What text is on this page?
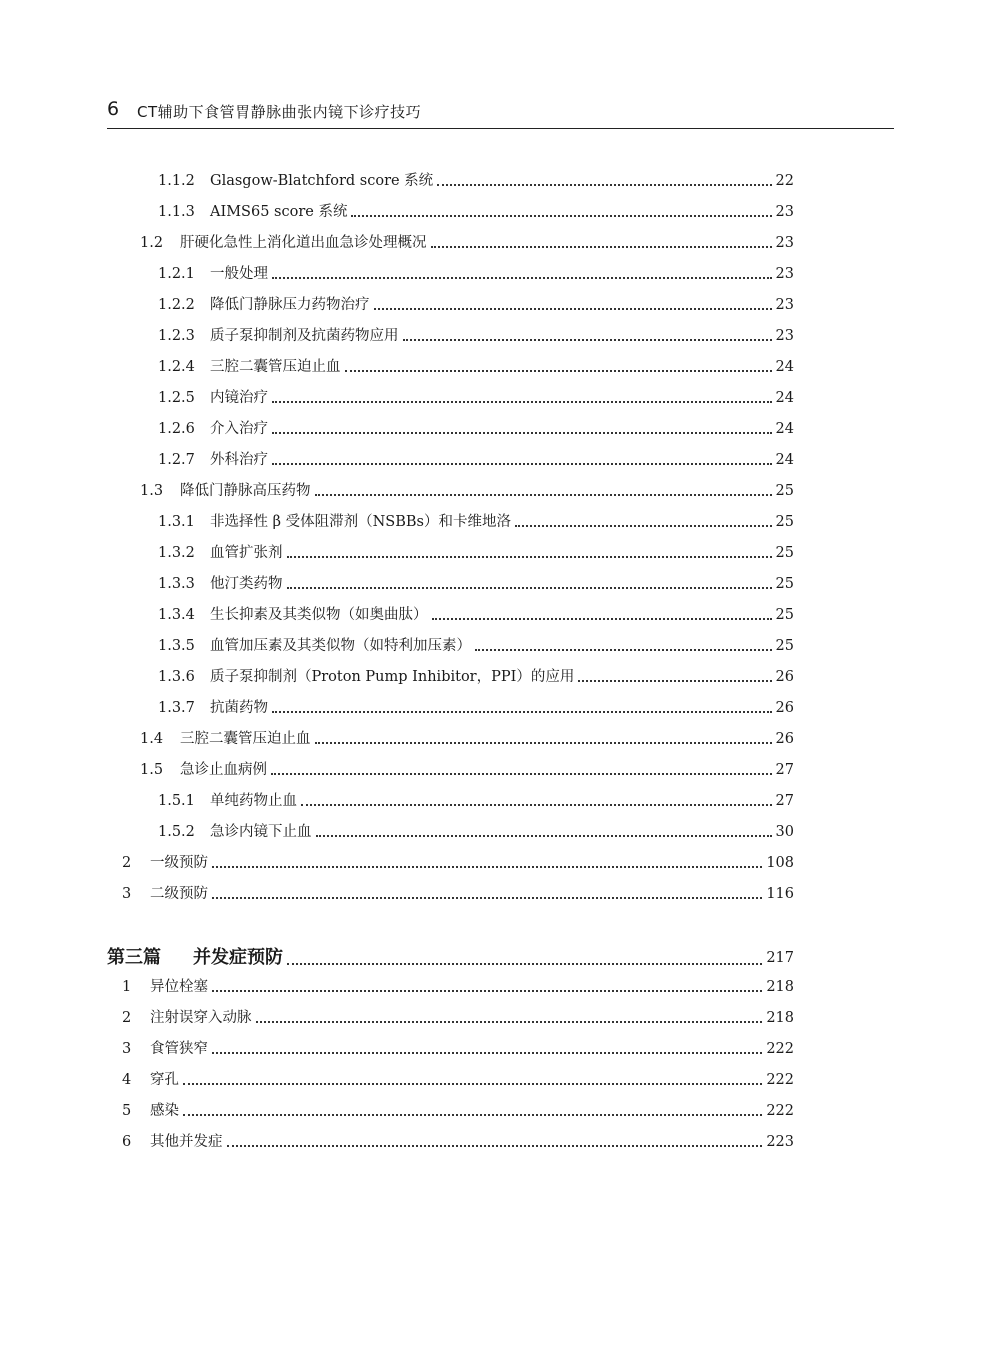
6 CT辅助下食管胃静脉曲张内镜下诊疗技巧
1.1.2	Glasgow-Blatchford score 系统	22
1.1.3	AIMS65 score 系统	23
1.2	肝硬化急性上消化道出血急诊处理概况	23
1.2.1	一般处理	23
1.2.2	降低门静脉压力药物治疗	23
1.2.3	质子泵抑制剂及抗菌药物应用	23
1.2.4	三腔二囊管压迫止血	24
1.2.5	内镜治疗	24
1.2.6	介入治疗	24
1.2.7	外科治疗	24
1.3	降低门静脉高压药物	25
1.3.1	非选择性 β 受体阻滞剂（NSBBs）和卡维地洛	25
1.3.2	血管扩张剂	25
1.3.3	他汀类药物	25
1.3.4	生长抑素及其类似物（如奥曲肽）	25
1.3.5	血管加压素及其类似物（如特利加压素）	25
1.3.6	质子泵抑制剂（Proton Pump Inhibitor，PPI）的应用	26
1.3.7	抗菌药物	26
1.4	三腔二囊管压迫止血	26
1.5	急诊止血病例	27
1.5.1	单纯药物止血	27
1.5.2	急诊内镜下止血	30
2	一级预防	108
3	二级预防	116
第三篇	并发症预防	217
1	异位栓塞	218
2	注射误穿入动脉	218
3	食管狭窄	222
4	穿孔	222
5	感染	222
6	其他并发症	223
